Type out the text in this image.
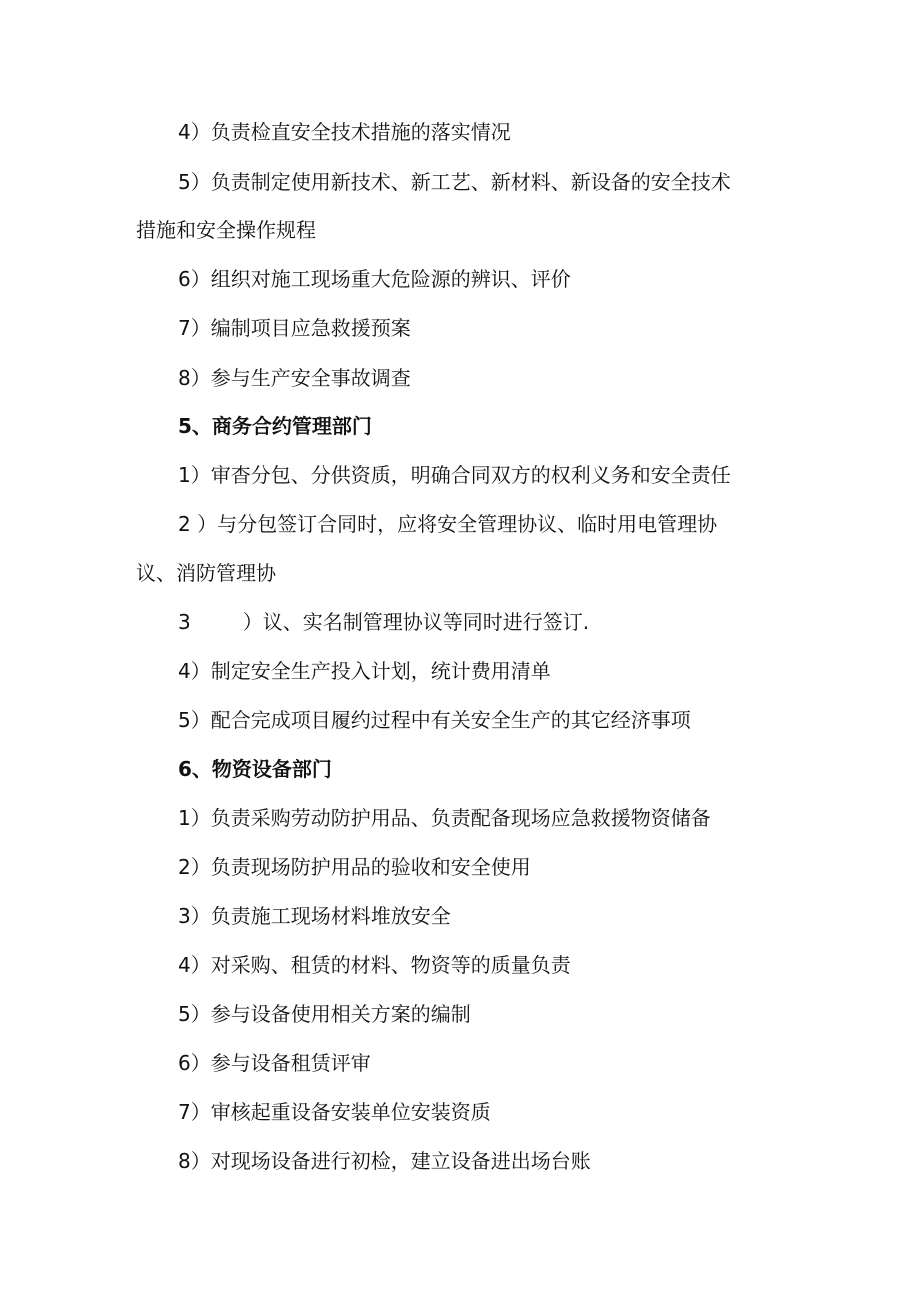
4）负责检直安全技术措施的落实情况
5）负责制定使用新技术、新工艺、新材料、新设备的安全技术
措施和安全操作规程
6）组织对施工现场重大危险源的辨识、评价
7）编制项目应急救援预案
8）参与生产安全事故调查
5、商务合约管理部门
1）审杳分包、分供资质，明确合同双方的权利义务和安全责任
2 ）与分包签订合同时，应将安全管理协议、临时用电管理协
议、消防管理协
3	）议、实名制管理协议等同时进行签订.
4）制定安全生产投入计划，统计费用清单
5）配合完成项目履约过程中有关安全生产的其它经济事项
6、物资设备部门
1）负责采购劳动防护用品、负责配备现场应急救援物资储备
2）负责现场防护用品的验收和安全使用
3）负责施工现场材料堆放安全
4）对采购、租赁的材料、物资等的质量负责
5）参与设备使用相关方案的编制
6）参与设备租赁评审
7）审核起重设备安装单位安装资质
8）对现场设备进行初检，建立设备进出场台账
